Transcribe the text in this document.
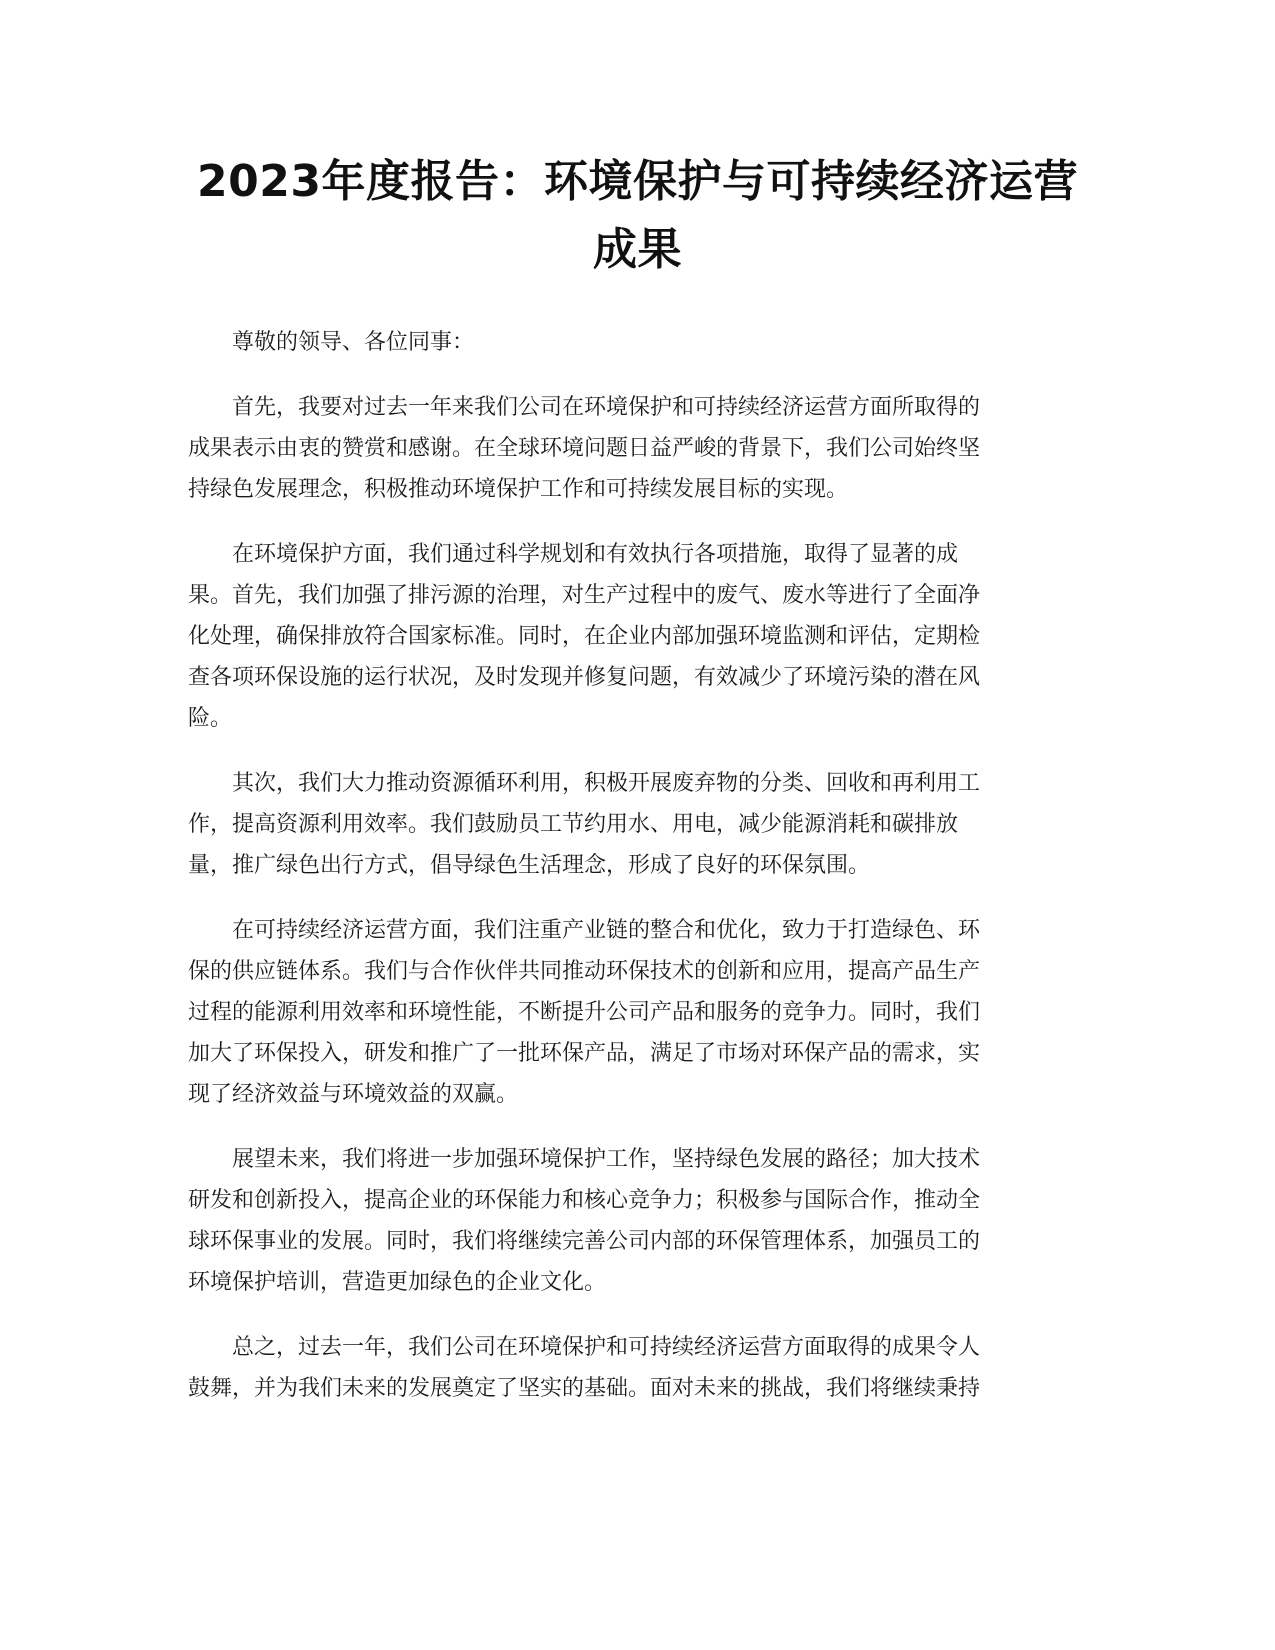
2023年度报告：环境保护与可持续经济运营
成果

尊敬的领导、各位同事：

首先，我要对过去一年来我们公司在环境保护和可持续经济运营方面所取得的
成果表示由衷的赞赏和感谢。在全球环境问题日益严峻的背景下，我们公司始终坚
持绿色发展理念，积极推动环境保护工作和可持续发展目标的实现。

在环境保护方面，我们通过科学规划和有效执行各项措施，取得了显著的成
果。首先，我们加强了排污源的治理，对生产过程中的废气、废水等进行了全面净
化处理，确保排放符合国家标准。同时，在企业内部加强环境监测和评估，定期检
查各项环保设施的运行状况，及时发现并修复问题，有效减少了环境污染的潜在风
险。

其次，我们大力推动资源循环利用，积极开展废弃物的分类、回收和再利用工
作，提高资源利用效率。我们鼓励员工节约用水、用电，减少能源消耗和碳排放
量，推广绿色出行方式，倡导绿色生活理念，形成了良好的环保氛围。

在可持续经济运营方面，我们注重产业链的整合和优化，致力于打造绿色、环
保的供应链体系。我们与合作伙伴共同推动环保技术的创新和应用，提高产品生产
过程的能源利用效率和环境性能，不断提升公司产品和服务的竞争力。同时，我们
加大了环保投入，研发和推广了一批环保产品，满足了市场对环保产品的需求，实
现了经济效益与环境效益的双赢。

展望未来，我们将进一步加强环境保护工作，坚持绿色发展的路径；加大技术
研发和创新投入，提高企业的环保能力和核心竞争力；积极参与国际合作，推动全
球环保事业的发展。同时，我们将继续完善公司内部的环保管理体系，加强员工的
环境保护培训，营造更加绿色的企业文化。

总之，过去一年，我们公司在环境保护和可持续经济运营方面取得的成果令人
鼓舞，并为我们未来的发展奠定了坚实的基础。面对未来的挑战，我们将继续秉持
